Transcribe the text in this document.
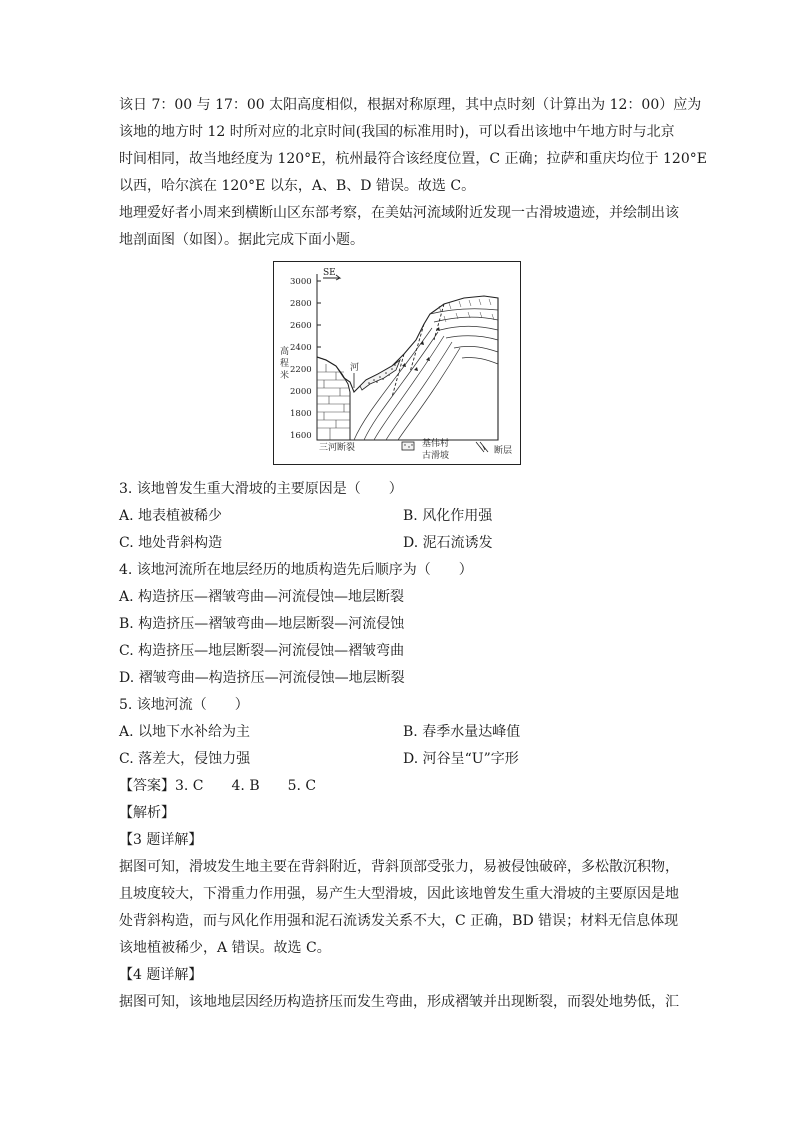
该日 7：00 与 17：00 太阳高度相似，根据对称原理，其中点时刻（计算出为 12：00）应为
该地的地方时 12 时所对应的北京时间(我国的标准用时)，可以看出该地中午地方时与北京
时间相同，故当地经度为 120°E，杭州最符合该经度位置，C 正确；拉萨和重庆均位于 120°E
以西，哈尔滨在 120°E 以东，A、B、D 错误。故选 C。
地理爱好者小周来到横断山区东部考察，在美姑河流域附近发现一古滑坡遗迹，并绘制出该
地剖面图（如图）。据此完成下面小题。
3000
2800
2600
2400
2200
2000
1800
1600
高
程
米
SE
河
三河断裂	基伟村
古滑坡	断层
3. 该地曾发生重大滑坡的主要原因是（　　）
A. 地表植被稀少	B. 风化作用强
C. 地处背斜构造	D. 泥石流诱发
4. 该地河流所在地层经历的地质构造先后顺序为（　　）
A. 构造挤压—褶皱弯曲—河流侵蚀—地层断裂
B. 构造挤压—褶皱弯曲—地层断裂—河流侵蚀
C. 构造挤压—地层断裂—河流侵蚀—褶皱弯曲
D. 褶皱弯曲—构造挤压—河流侵蚀—地层断裂
5. 该地河流（　　）
A. 以地下水补给为主	B. 春季水量达峰值
C. 落差大，侵蚀力强	D. 河谷呈“U”字形
【答案】3. C　　4. B　　5. C
【解析】
【3 题详解】
据图可知，滑坡发生地主要在背斜附近，背斜顶部受张力，易被侵蚀破碎，多松散沉积物，
且坡度较大，下滑重力作用强，易产生大型滑坡，因此该地曾发生重大滑坡的主要原因是地
处背斜构造，而与风化作用强和泥石流诱发关系不大，C 正确，BD 错误；材料无信息体现
该地植被稀少，A 错误。故选 C。
【4 题详解】
据图可知，该地地层因经历构造挤压而发生弯曲，形成褶皱并出现断裂，而裂处地势低，汇
